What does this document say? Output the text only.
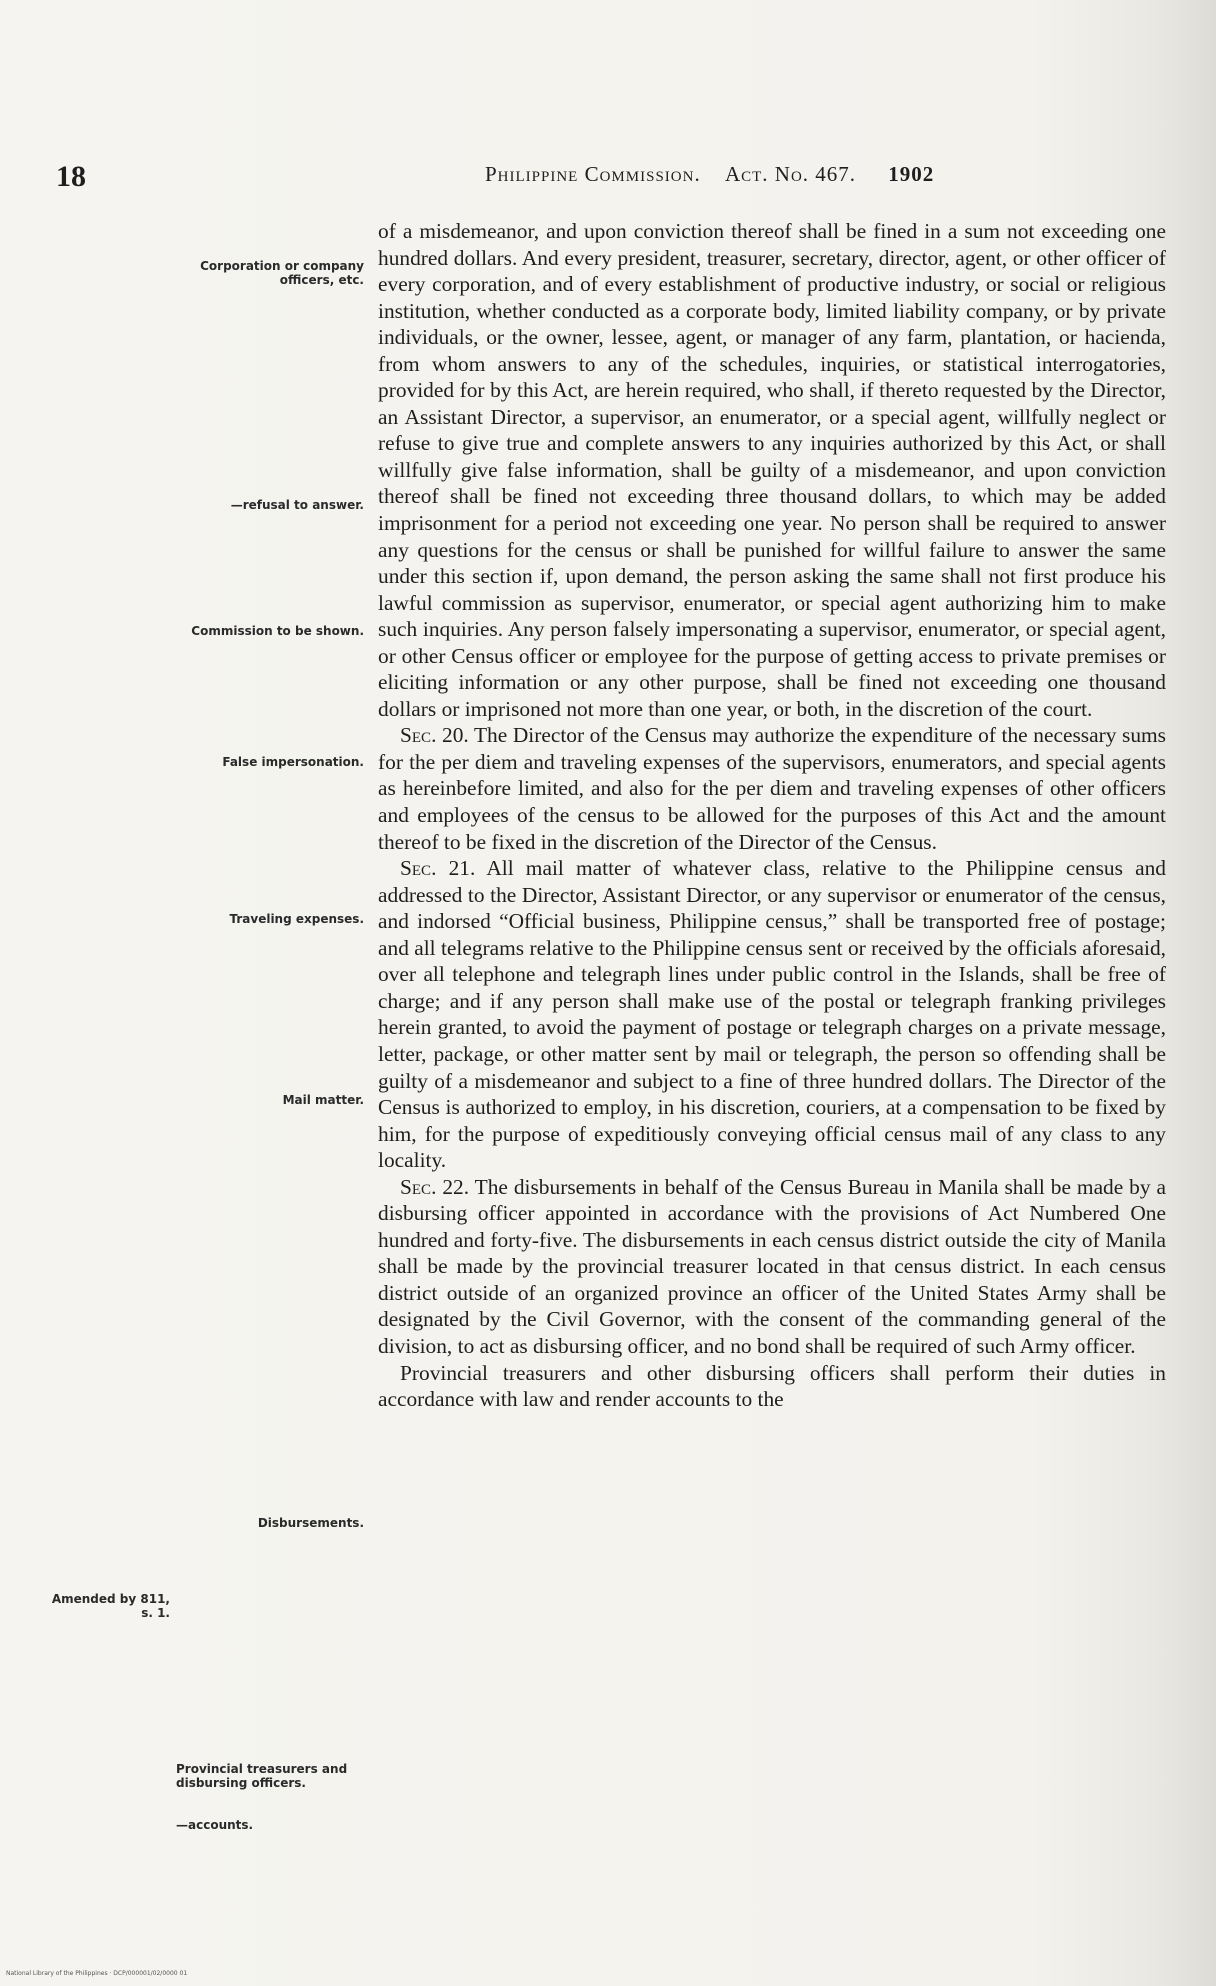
18	Philippine Commission. Act. No. 467. 1902
Corporation or company officers, etc.
—refusal to answer.
Commission to be shown.
False impersonation.
Traveling expenses.
Mail matter.
Disbursements.
Amended by 811, s. 1.
Provincial treasurers and disbursing officers.
—accounts.

of a misdemeanor, and upon conviction thereof shall be fined in a sum not exceeding one hundred dollars. And every president, treasurer, secretary, director, agent, or other officer of every corporation, and of every establishment of productive industry, or social or religious institution, whether conducted as a corporate body, limited liability company, or by private individuals, or the owner, lessee, agent, or manager of any farm, plantation, or hacienda, from whom answers to any of the schedules, inquiries, or statistical interrogatories, provided for by this Act, are herein required, who shall, if thereto requested by the Director, an Assistant Director, a supervisor, an enumerator, or a special agent, willfully neglect or refuse to give true and complete answers to any inquiries authorized by this Act, or shall willfully give false information, shall be guilty of a misdemeanor, and upon conviction thereof shall be fined not exceeding three thousand dollars, to which may be added imprisonment for a period not exceeding one year. No person shall be required to answer any questions for the census or shall be punished for willful failure to answer the same under this section if, upon demand, the person asking the same shall not first produce his lawful commission as supervisor, enumerator, or special agent authorizing him to make such inquiries. Any person falsely impersonating a supervisor, enumerator, or special agent, or other Census officer or employee for the purpose of getting access to private premises or eliciting information or any other purpose, shall be fined not exceeding one thousand dollars or imprisoned not more than one year, or both, in the discretion of the court.

Sec. 20. The Director of the Census may authorize the expenditure of the necessary sums for the per diem and traveling expenses of the supervisors, enumerators, and special agents as hereinbefore limited, and also for the per diem and traveling expenses of other officers and employees of the census to be allowed for the purposes of this Act and the amount thereof to be fixed in the discretion of the Director of the Census.

Sec. 21. All mail matter of whatever class, relative to the Philippine census and addressed to the Director, Assistant Director, or any supervisor or enumerator of the census, and indorsed “Official business, Philippine census,” shall be transported free of postage; and all telegrams relative to the Philippine census sent or received by the officials aforesaid, over all telephone and telegraph lines under public control in the Islands, shall be free of charge; and if any person shall make use of the postal or telegraph franking privileges herein granted, to avoid the payment of postage or telegraph charges on a private message, letter, package, or other matter sent by mail or telegraph, the person so offending shall be guilty of a misdemeanor and subject to a fine of three hundred dollars. The Director of the Census is authorized to employ, in his discretion, couriers, at a compensation to be fixed by him, for the purpose of expeditiously conveying official census mail of any class to any locality.

Sec. 22. The disbursements in behalf of the Census Bureau in Manila shall be made by a disbursing officer appointed in accordance with the provisions of Act Numbered One hundred and forty-five. The disbursements in each census district outside the city of Manila shall be made by the provincial treasurer located in that census district. In each census district outside of an organized province an officer of the United States Army shall be designated by the Civil Governor, with the consent of the commanding general of the division, to act as disbursing officer, and no bond shall be required of such Army officer.

Provincial treasurers and other disbursing officers shall perform their duties in accordance with law and render accounts to the

National Library of the Philippines · DCP/000001/02/0000 01
